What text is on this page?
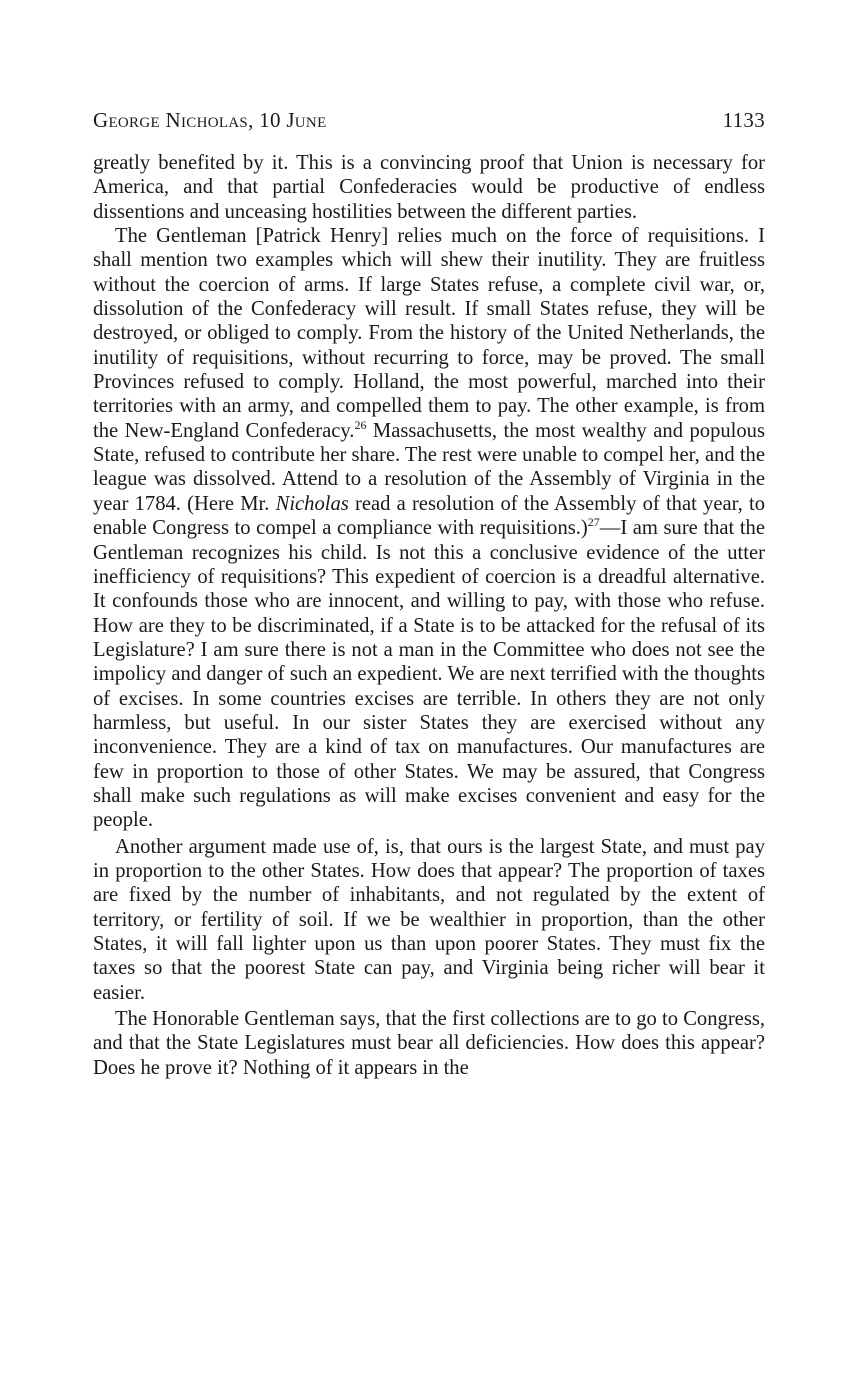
George Nicholas, 10 June	1133

greatly benefited by it. This is a convincing proof that Union is necessary for America, and that partial Confederacies would be productive of endless dissentions and unceasing hostilities between the different parties.

The Gentleman [Patrick Henry] relies much on the force of requisitions. I shall mention two examples which will shew their inutility. They are fruitless without the coercion of arms. If large States refuse, a complete civil war, or, dissolution of the Confederacy will result. If small States refuse, they will be destroyed, or obliged to comply. From the history of the United Netherlands, the inutility of requisitions, without recurring to force, may be proved. The small Provinces refused to comply. Holland, the most powerful, marched into their territories with an army, and compelled them to pay. The other example, is from the New-England Confederacy.$^{26}$ Massachusetts, the most wealthy and populous State, refused to contribute her share. The rest were unable to compel her, and the league was dissolved. Attend to a resolution of the Assembly of Virginia in the year 1784. (Here Mr. Nicholas read a resolution of the Assembly of that year, to enable Congress to compel a compliance with requisitions.)$^{27}$—I am sure that the Gentleman recognizes his child. Is not this a conclusive evidence of the utter inefficiency of requisitions? This expedient of coercion is a dreadful alternative. It confounds those who are innocent, and willing to pay, with those who refuse. How are they to be discriminated, if a State is to be attacked for the refusal of its Legislature? I am sure there is not a man in the Committee who does not see the impolicy and danger of such an expedient. We are next terrified with the thoughts of excises. In some countries excises are terrible. In others they are not only harmless, but useful. In our sister States they are exercised without any inconvenience. They are a kind of tax on manufactures. Our manufactures are few in proportion to those of other States. We may be assured, that Congress shall make such regulations as will make excises convenient and easy for the people.

Another argument made use of, is, that ours is the largest State, and must pay in proportion to the other States. How does that appear? The proportion of taxes are fixed by the number of inhabitants, and not regulated by the extent of territory, or fertility of soil. If we be wealthier in proportion, than the other States, it will fall lighter upon us than upon poorer States. They must fix the taxes so that the poorest State can pay, and Virginia being richer will bear it easier.

The Honorable Gentleman says, that the first collections are to go to Congress, and that the State Legislatures must bear all deficiencies. How does this appear? Does he prove it? Nothing of it appears in the
